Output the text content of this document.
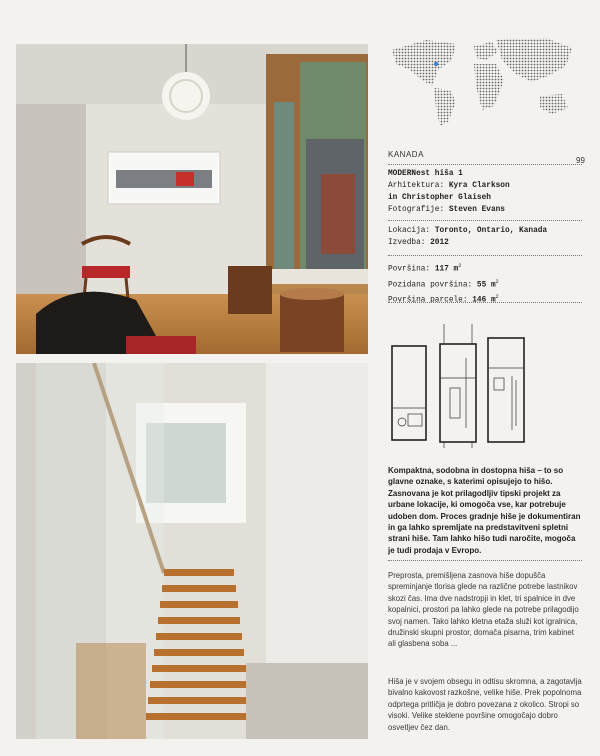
KANADA
99
MODERNest hiša 1
Arhitektura: Kyra Clarkson
in Christopher Glaiseh
Fotografije: Steven Evans
Lokacija: Toronto, Ontario, Kanada
Izvedba: 2012
Površina: 117 $m^2$
Pozidana površina: 55 $m^2$
Površina parcele: 146 $m^2$
Kompaktna, sodobna in dostopna hiša – to so glavne oznake, s katerimi opisujejo to hišo. Zasnovana je kot prilagodljiv tipski projekt za urbane lokacije, ki omogoča vse, kar potrebuje udoben dom. Proces gradnje hiše je dokumentiran in ga lahko spremljate na predstavitveni spletni strani hiše. Tam lahko hišo tudi naročite, mogoča je tudi prodaja v Evropo.
Preprosta, premišljena zasnova hiše dopušča spreminjanje tlorisa glede na različne potrebe lastnikov skozi čas. Ima dve nadstropji in klet, tri spalnice in dve kopalnici, prostori pa lahko glede na potrebe prilagodijo svoj namen. Tako lahko kletna etaža služi kot igralnica, družinski skupni prostor, domača pisarna, trim kabinet ali glasbena soba ...
Hiša je v svojem obsegu in odtisu skromna, a zagotavlja bivalno kakovost razkošne, velike hiše. Prek popolnoma odprtega pritličja je dobro povezana z okolico. Stropi so visoki. Velike steklene površine omogočajo dobro osvetljev čez dan.
